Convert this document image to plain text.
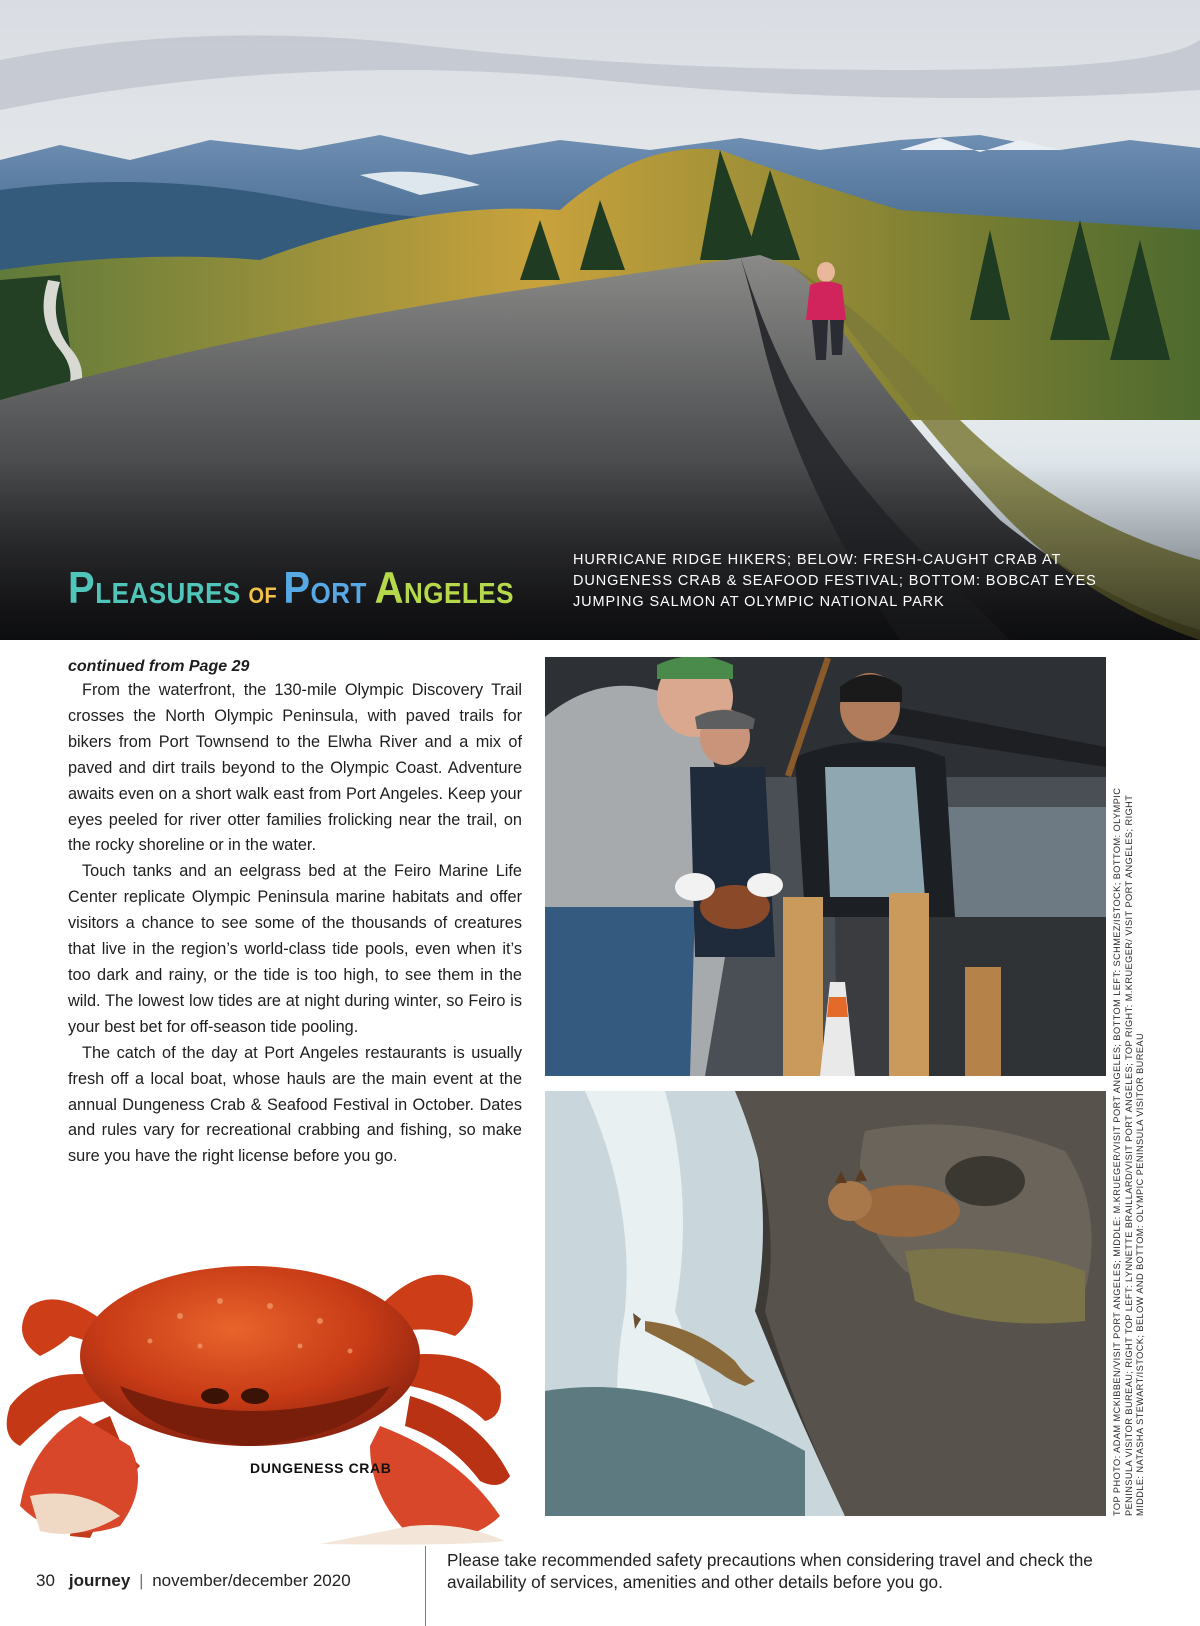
PLEASURES OF PORT ANGELES
HURRICANE RIDGE HIKERS; BELOW: FRESH-CAUGHT CRAB AT DUNGENESS CRAB & SEAFOOD FESTIVAL; BOTTOM: BOBCAT EYES JUMPING SALMON AT OLYMPIC NATIONAL PARK
continued from Page 29

From the waterfront, the 130-mile Olympic Discovery Trail crosses the North Olympic Peninsula, with paved trails for bikers from Port Townsend to the Elwha River and a mix of paved and dirt trails beyond to the Olympic Coast. Adventure awaits even on a short walk east from Port Angeles. Keep your eyes peeled for river otter families frolicking near the trail, on the rocky shoreline or in the water.

Touch tanks and an eelgrass bed at the Feiro Marine Life Center replicate Olympic Peninsula marine habitats and offer visitors a chance to see some of the thousands of creatures that live in the region’s world-class tide pools, even when it’s too dark and rainy, or the tide is too high, to see them in the wild. The lowest low tides are at night during winter, so Feiro is your best bet for off-season tide pooling.

The catch of the day at Port Angeles restaurants is usually fresh off a local boat, whose hauls are the main event at the annual Dungeness Crab & Seafood Festival in October. Dates and rules vary for recreational crabbing and fishing, so make sure you have the right license before you go.	TOP PHOTO: ADAM MCKIBBEN/VISIT PORT ANGELES; MIDDLE: M.KRUEGER/VISIT PORT ANGELES; BOTTOM LEFT: SCHMEZ/ISTOCK; BOTTOM: OLYMPIC PENINSULA VISITOR BUREAU; RIGHT TOP LEFT: LYNNETTE BRAILLARD/VISIT PORT ANGELES; TOP RIGHT: M.KRUEGER/ VISIT PORT ANGELES; RIGHT MIDDLE: NATASHA STEWART/ISTOCK; BELOW AND BOTTOM: OLYMPIC PENINSULA VISITOR BUREAU
DUNGENESS CRAB
30 journey | november/december 2020
Please take recommended safety precautions when considering travel and check the availability of services, amenities and other details before you go.
